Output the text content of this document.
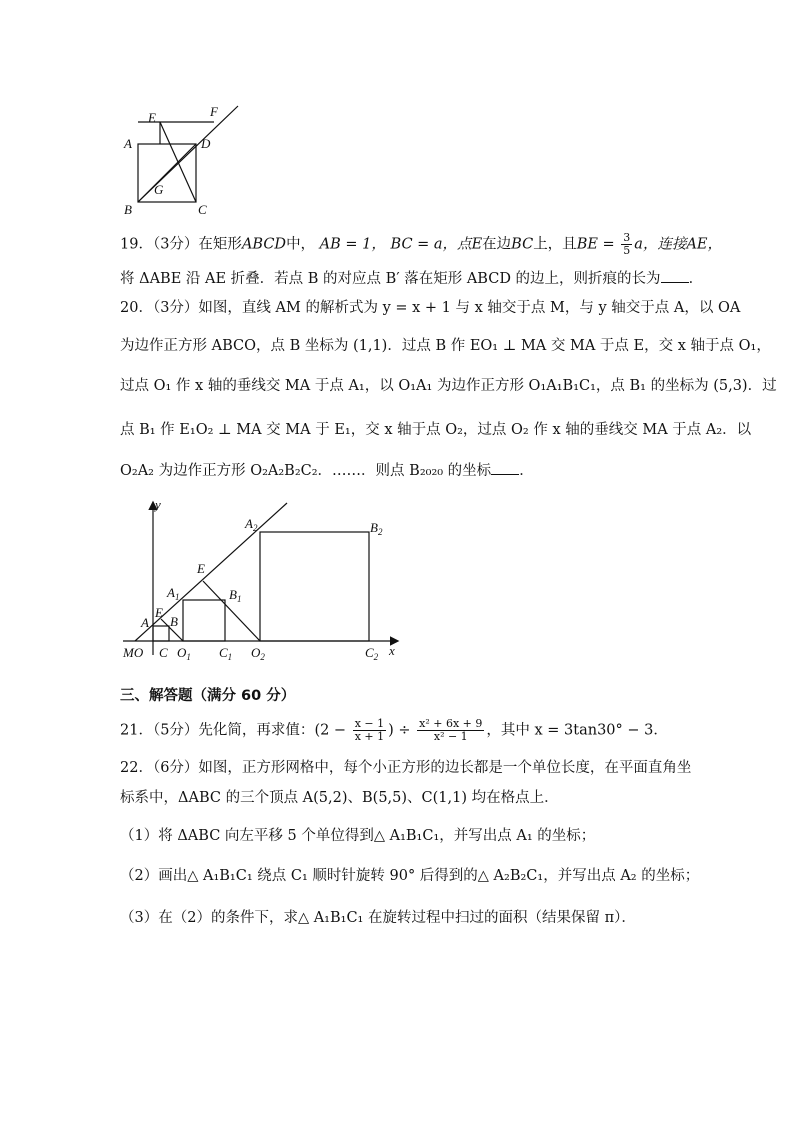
E	F
A	D
G
B	C
19．（3分）在矩形ABCD中， AB = 1， BC = a，点E在边BC上，且BE = $\frac{3}{5}$ a，连接AE，
将 ΔABE 沿 AE 折叠．若点 B 的对应点 B′ 落在矩形 ABCD 的边上，则折痕的长为 ．
20．（3分）如图，直线 AM 的解析式为 y = x + 1 与 x 轴交于点 M，与 y 轴交于点 A，以 OA
为边作正方形 ABCO，点 B 坐标为 (1,1)．过点 B 作 EO₁ ⊥ MA 交 MA 于点 E，交 x 轴于点 O₁，
过点 O₁ 作 x 轴的垂线交 MA 于点 A₁，以 O₁A₁ 为边作正方形 O₁A₁B₁C₁，点 B₁ 的坐标为 (5,3)．过
点 B₁ 作 E₁O₂ ⊥ MA 交 MA 于 E₁，交 x 轴于点 O₂，过点 O₂ 作 x 轴的垂线交 MA 于点 A₂．以
O₂A₂ 为边作正方形 O₂A₂B₂C₂．……．则点 B₂₀₂₀ 的坐标 ．
y
x
$A_2$	$B_2$
E
$A_1$	$B_1$
E
A B
MO C $O_1$ $C_1$ $O_2$	$C_2$
三、解答题（满分 60 分）
21．（5分）先化简，再求值：($2 - \frac{x - 1}{x + 1}$ ) ÷ $\frac{\text{x² + 6x + 9}}{\text{x² − 1}}$ ，其中 x = 3tan30° − 3．
22．（6分）如图，正方形网格中，每个小正方形的边长都是一个单位长度，在平面直角坐
标系中，ΔABC 的三个顶点 A(5,2)、B(5,5)、C(1,1) 均在格点上．
（1）将 ΔABC 向左平移 5 个单位得到△ A₁B₁C₁，并写出点 A₁ 的坐标；
（2）画出△ A₁B₁C₁ 绕点 C₁ 顺时针旋转 90° 后得到的△ A₂B₂C₁，并写出点 A₂ 的坐标；
（3）在（2）的条件下，求△ A₁B₁C₁ 在旋转过程中扫过的面积（结果保留 π）．
